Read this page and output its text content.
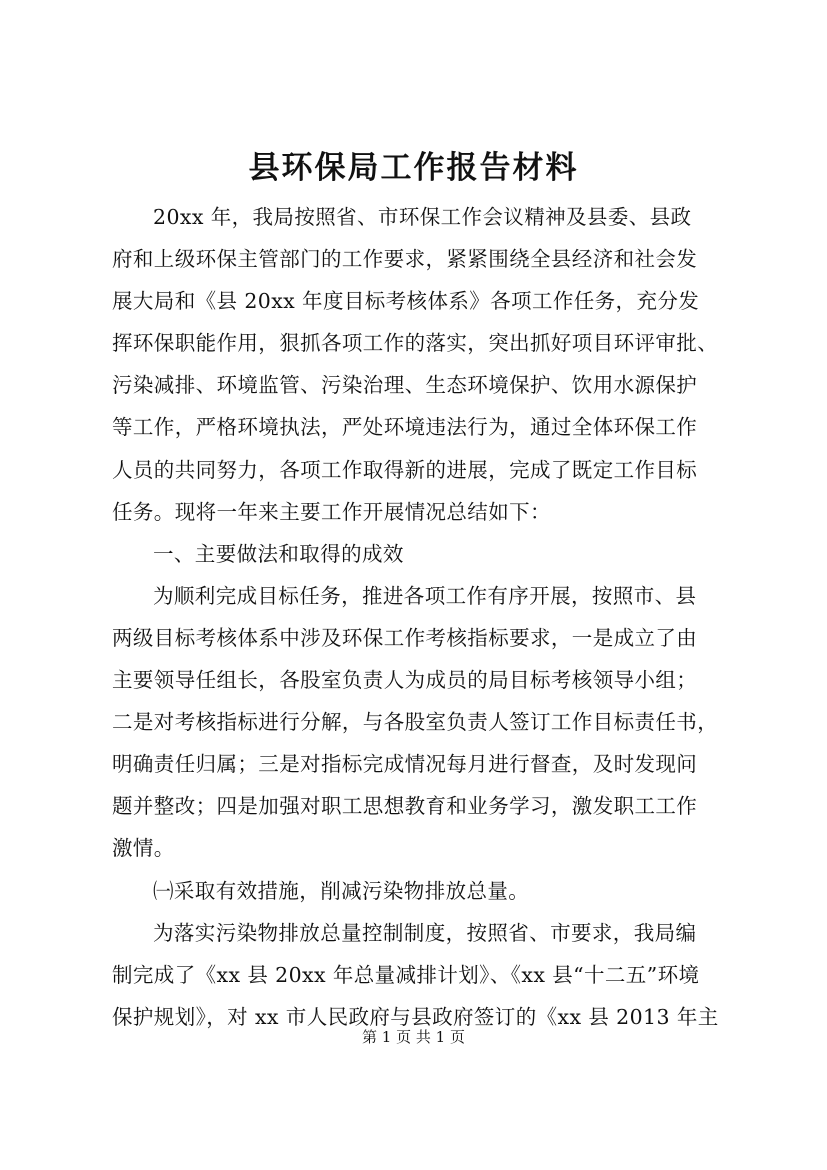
县环保局工作报告材料

20xx 年，我局按照省、市环保工作会议精神及县委、县政

府和上级环保主管部门的工作要求，紧紧围绕全县经济和社会发

展大局和《县 20xx 年度目标考核体系》各项工作任务，充分发

挥环保职能作用，狠抓各项工作的落实，突出抓好项目环评审批、

污染减排、环境监管、污染治理、生态环境保护、饮用水源保护

等工作，严格环境执法，严处环境违法行为，通过全体环保工作

人员的共同努力，各项工作取得新的进展，完成了既定工作目标

任务。现将一年来主要工作开展情况总结如下：

一、主要做法和取得的成效

为顺利完成目标任务，推进各项工作有序开展，按照市、县

两级目标考核体系中涉及环保工作考核指标要求，一是成立了由

主要领导任组长，各股室负责人为成员的局目标考核领导小组；

二是对考核指标进行分解，与各股室负责人签订工作目标责任书，

明确责任归属；三是对指标完成情况每月进行督查，及时发现问

题并整改；四是加强对职工思想教育和业务学习，激发职工工作

激情。

㈠采取有效措施，削减污染物排放总量。

为落实污染物排放总量控制制度，按照省、市要求，我局编

制完成了《xx 县 20xx 年总量减排计划》、《xx 县“十二五”环境

保护规划》，对 xx 市人民政府与县政府签订的《xx 县 2013 年主

第 1 页 共 1 页
